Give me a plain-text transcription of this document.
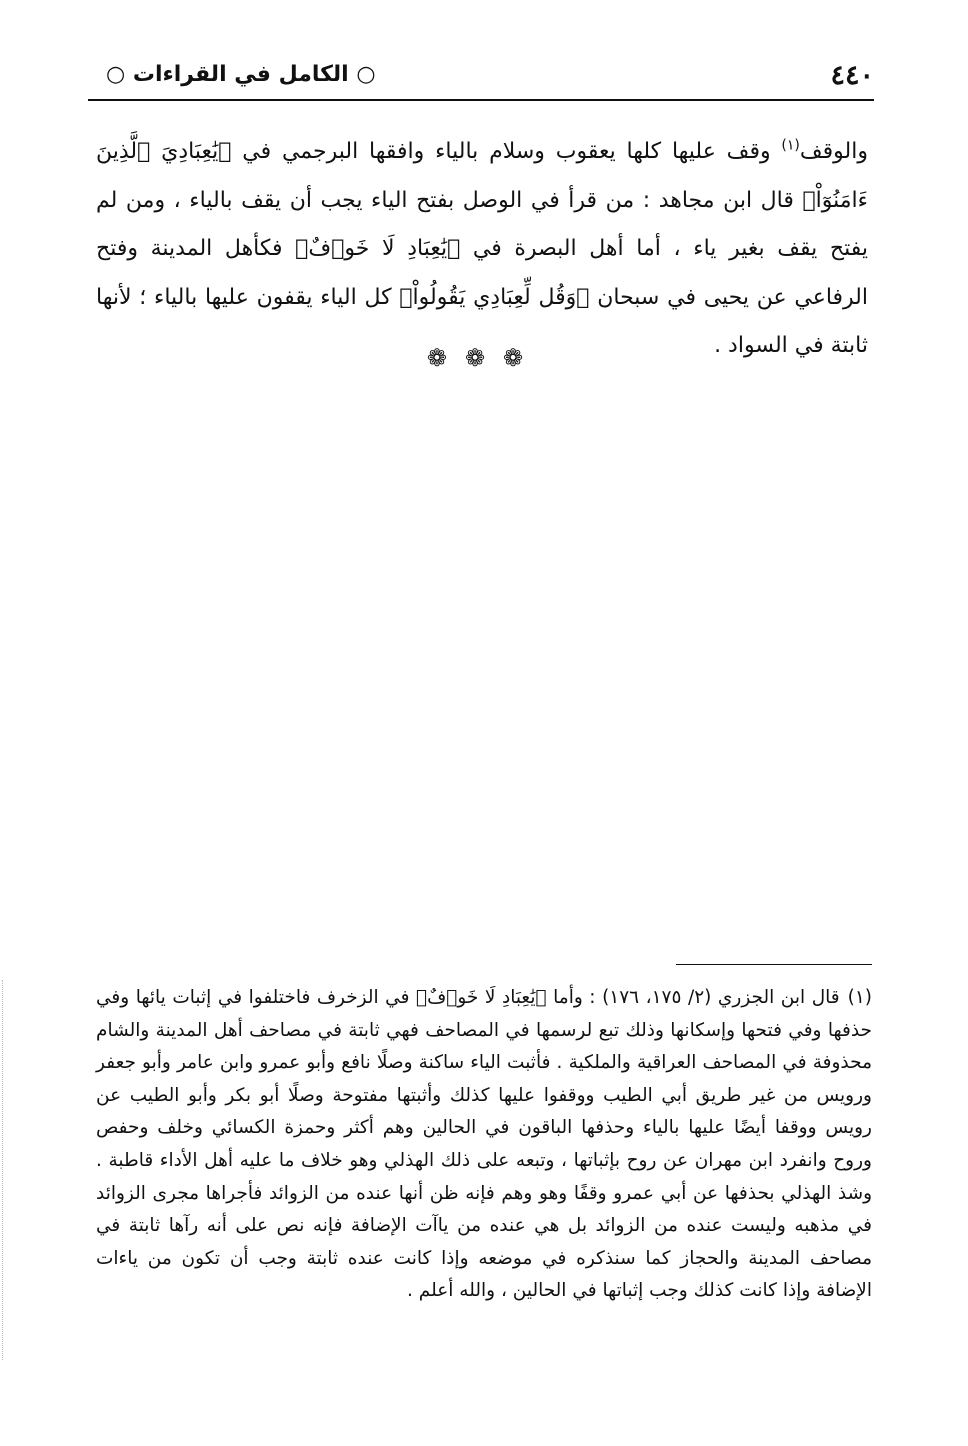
٤٤٠
○ الكامل في القراءات ○

والوقف$^{(١)}$ وقف عليها كلها يعقوب وسلام بالياء وافقها البرجمي في ﴿يَٰعِبَادِيَ ٱلَّذِينَ ءَامَنُوٓاْ﴾ قال ابن مجاهد : من قرأ في الوصل بفتح الياء يجب أن يقف بالياء ، ومن لم يفتح يقف بغير ياء ، أما أهل البصرة في ﴿يَٰعِبَادِ لَا خَوۡفٌ﴾ فكأهل المدينة وفتح الرفاعي عن يحيى في سبحان ﴿وَقُل لِّعِبَادِي يَقُولُواْ﴾ كل الياء يقفون عليها بالياء ؛ لأنها ثابتة في السواد .

❁❁❁

(١)قال ابن الجزري (٢/ ١٧٥، ١٧٦) : وأما ﴿يَٰعِبَادِ لَا خَوۡفٌ﴾ في الزخرف فاختلفوا في إثبات يائها وفي حذفها وفي فتحها وإسكانها وذلك تبع لرسمها في المصاحف فهي ثابتة في مصاحف أهل المدينة والشام محذوفة في المصاحف العراقية والملكية . فأثبت الياء ساكنة وصلًا نافع وأبو عمرو وابن عامر وأبو جعفر ورويس من غير طريق أبي الطيب ووقفوا عليها كذلك وأثبتها مفتوحة وصلًا أبو بكر وأبو الطيب عن رويس ووقفا أيضًا عليها بالياء وحذفها الباقون في الحالين وهم أكثر وحمزة الكسائي وخلف وحفص وروح وانفرد ابن مهران عن روح بإثباتها ، وتبعه على ذلك الهذلي وهو خلاف ما عليه أهل الأداء قاطبة . وشذ الهذلي بحذفها عن أبي عمرو وقفًا وهو وهم فإنه ظن أنها عنده من الزوائد فأجراها مجرى الزوائد في مذهبه وليست عنده من الزوائد بل هي عنده من ياآت الإضافة فإنه نص على أنه رآها ثابتة في مصاحف المدينة والحجاز كما سنذكره في موضعه وإذا كانت عنده ثابتة وجب أن تكون من ياءات الإضافة وإذا كانت كذلك وجب إثباتها في الحالين ، والله أعلم .
